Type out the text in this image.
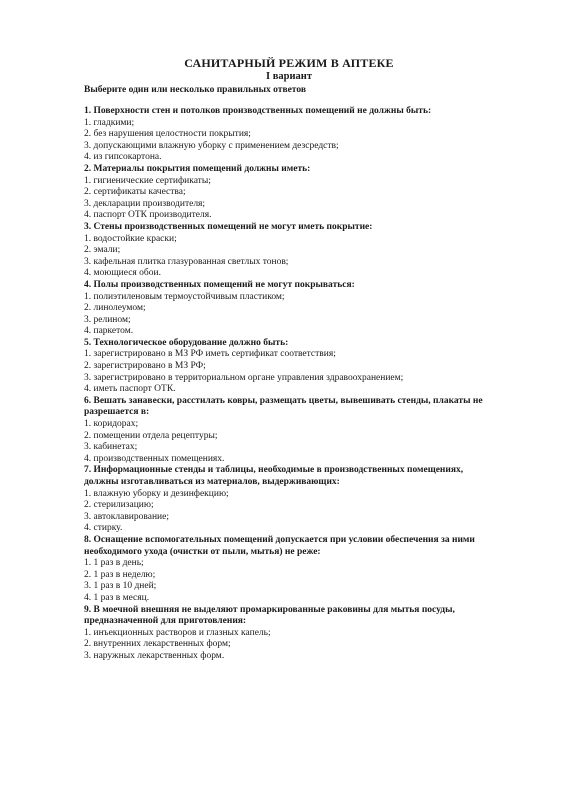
САНИТАРНЫЙ РЕЖИМ В АПТЕКЕ

I вариант

Выберите один или несколько правильных ответов

1. Поверхности стен и потолков производственных помещений не должны быть:

1. гладкими;

2. без нарушения целостности покрытия;

3. допускающими влажную уборку с применением дезсредств;

4. из гипсокартона.

2. Материалы покрытия помещений должны иметь:

1. гигиенические сертификаты;

2. сертификаты качества;

3. декларации производителя;

4. паспорт ОТК производителя.

3. Стены производственных помещений не могут иметь покрытие:

1. водостойкие краски;

2. эмали;

3. кафельная плитка глазурованная светлых тонов;

4. моющиеся обои.

4. Полы производственных помещений не могут покрываться:

1. полиэтиленовым термоустойчивым пластиком;

2. линолеумом;

3. релином;

4. паркетом.

5. Технологическое оборудование должно быть:

1. зарегистрировано в МЗ РФ иметь сертификат соответствия;

2. зарегистрировано в МЗ РФ;

3. зарегистрировано в территориальном органе управления здравоохранением;

4. иметь паспорт ОТК.

6. Вешать занавески, расстилать ковры, размещать цветы, вывешивать стенды, плакаты не разрешается в:

1. коридорах;

2. помещении отдела рецептуры;

3. кабинетах;

4. производственных помещениях.

7. Информационные стенды и таблицы, необходимые в производственных помещениях, должны изготавливаться из материалов, выдерживающих:

1. влажную уборку и дезинфекцию;

2. стерилизацию;

3. автоклавирование;

4. стирку.

8. Оснащение вспомогательных помещений допускается при условии обеспечения за ними необходимого ухода (очистки от пыли, мытья) не реже:

1. 1 раз в день;

2. 1 раз в неделю;

3. 1 раз в 10 дней;

4. 1 раз в месяц.

9. В моечной внешняя не выделяют промаркированные раковины для мытья посуды, предназначенной для приготовления:

1. инъекционных растворов и глазных капель;

2. внутренних лекарственных форм;

3. наружных лекарственных форм.
